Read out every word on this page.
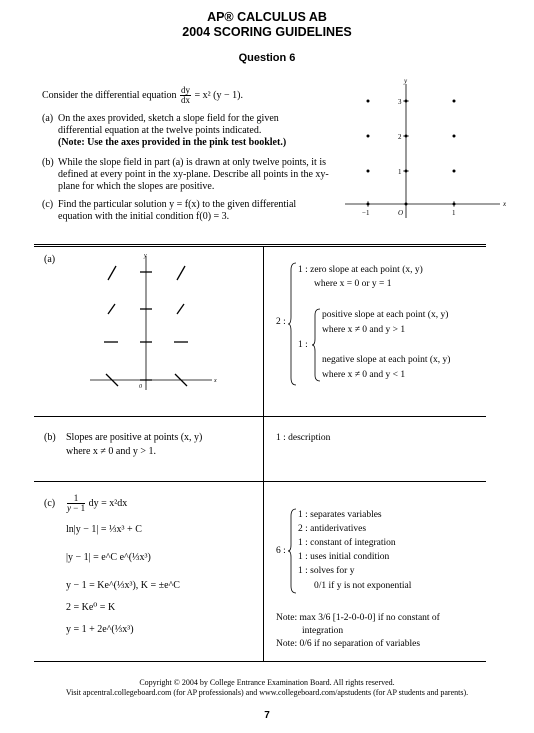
AP® CALCULUS AB
2004 SCORING GUIDELINES
Question 6
Consider the differential equation $\frac{dy}{dx} = x^2$ (y − 1).
(a) On the axes provided, sketch a slope field for the given differential equation at the twelve points indicated.
(Note: Use the axes provided in the pink test booklet.)
(b) While the slope field in part (a) is drawn at only twelve points, it is defined at every point in the xy-plane. Describe all points in the xy-plane for which the slopes are positive.
(c) Find the particular solution y = f(x) to the given differential equation with the initial condition f(0) = 3.
x
y
−1	O	1
1
2
3
(a)
x
y
0
2 :
1 : zero slope at each point (x, y)
where x = 0 or y = 1
1 :
positive slope at each point (x, y)
where x ≠ 0 and y > 1
negative slope at each point (x, y)
where x ≠ 0 and y < 1
(b) Slopes are positive at points (x, y)
where x ≠ 0 and y > 1.
1 : description
$(c) \frac{1}{y - 1}$ dy = x²dx
ln|y − 1| = ⅓x³ + C
|y − 1| = e^C e^(⅓x³)
y − 1 = Ke^(⅓x³), K = ±e^C
2 = Ke⁰ = K
y = 1 + 2e^(⅓x³)
6 :
1 : separates variables
2 : antiderivatives
1 : constant of integration
1 : uses initial condition
1 : solves for y
0/1 if y is not exponential
Note: max 3/6 [1-2-0-0-0] if no constant of
integration
Note: 0/6 if no separation of variables
Copyright © 2004 by College Entrance Examination Board. All rights reserved.
Visit apcentral.collegeboard.com (for AP professionals) and www.collegeboard.com/apstudents (for AP students and parents).
7
